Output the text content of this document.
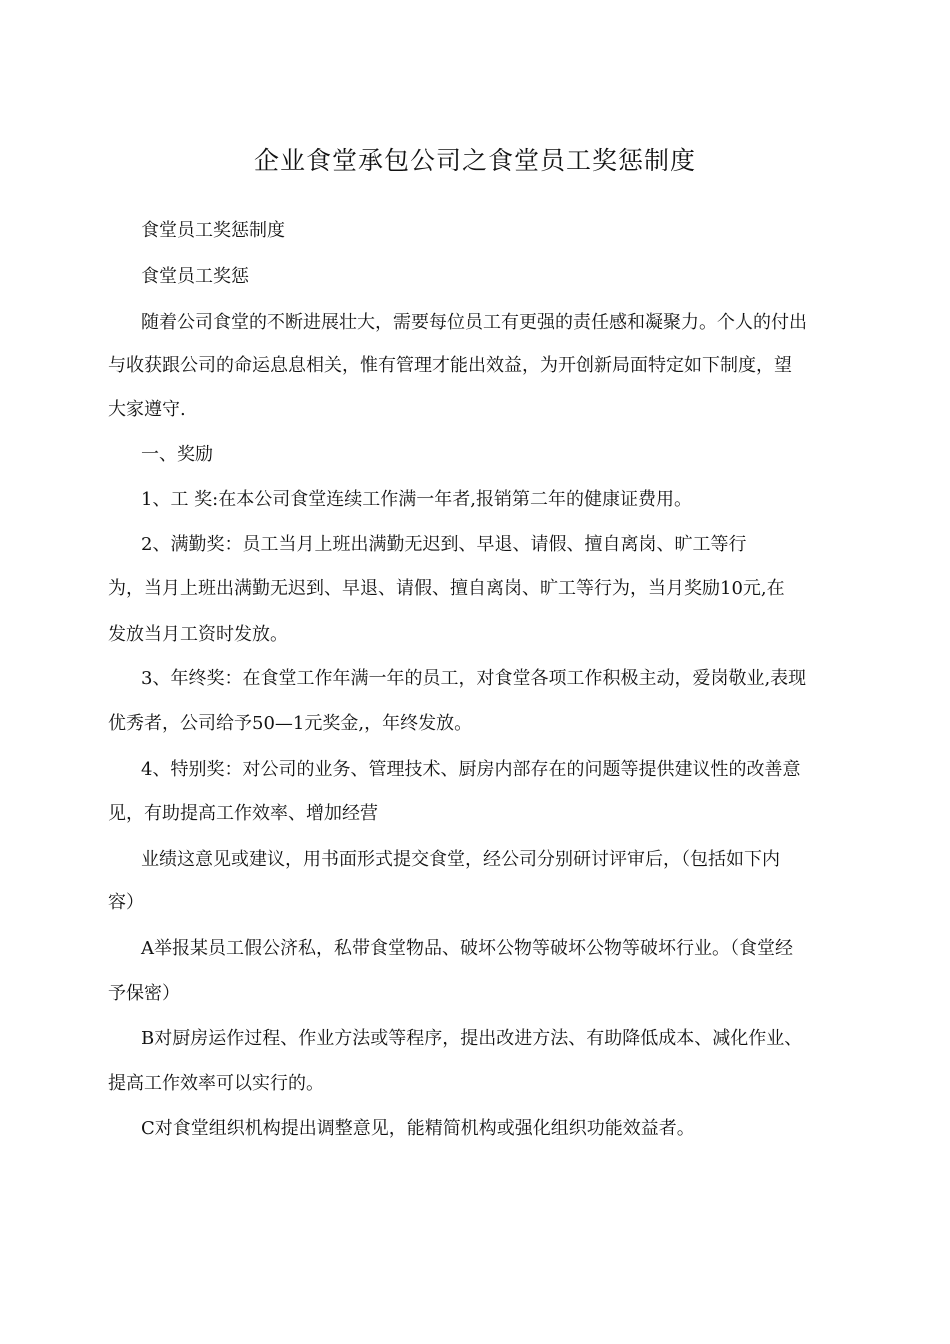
企业食堂承包公司之食堂员工奖惩制度

食堂员工奖惩制度

食堂员工奖惩

随着公司食堂的不断进展壮大，需要每位员工有更强的责任感和凝聚力。个人的付出

与收获跟公司的命运息息相关，惟有管理才能出效益，为开创新局面特定如下制度，望

大家遵守.

一、奖励

1、工 奖:在本公司食堂连续工作满一年者,报销第二年的健康证费用。

2、满勤奖：员工当月上班出满勤无迟到、早退、请假、擅自离岗、旷工等行

为，当月上班出满勤无迟到、早退、请假、擅自离岗、旷工等行为，当月奖励10元,在

发放当月工资时发放。

3、年终奖：在食堂工作年满一年的员工，对食堂各项工作积极主动，爱岗敬业,表现

优秀者，公司给予50—1元奖金,，年终发放。

4、特别奖：对公司的业务、管理技术、厨房内部存在的问题等提供建议性的改善意

见，有助提高工作效率、增加经营

业绩这意见或建议，用书面形式提交食堂，经公司分别研讨评审后，（包括如下内

容）

A举报某员工假公济私，私带食堂物品、破坏公物等破坏公物等破坏行业。（食堂经

予保密）

B对厨房运作过程、作业方法或等程序，提出改进方法、有助降低成本、减化作业、

提高工作效率可以实行的。

C对食堂组织机构提出调整意见，能精简机构或强化组织功能效益者。
